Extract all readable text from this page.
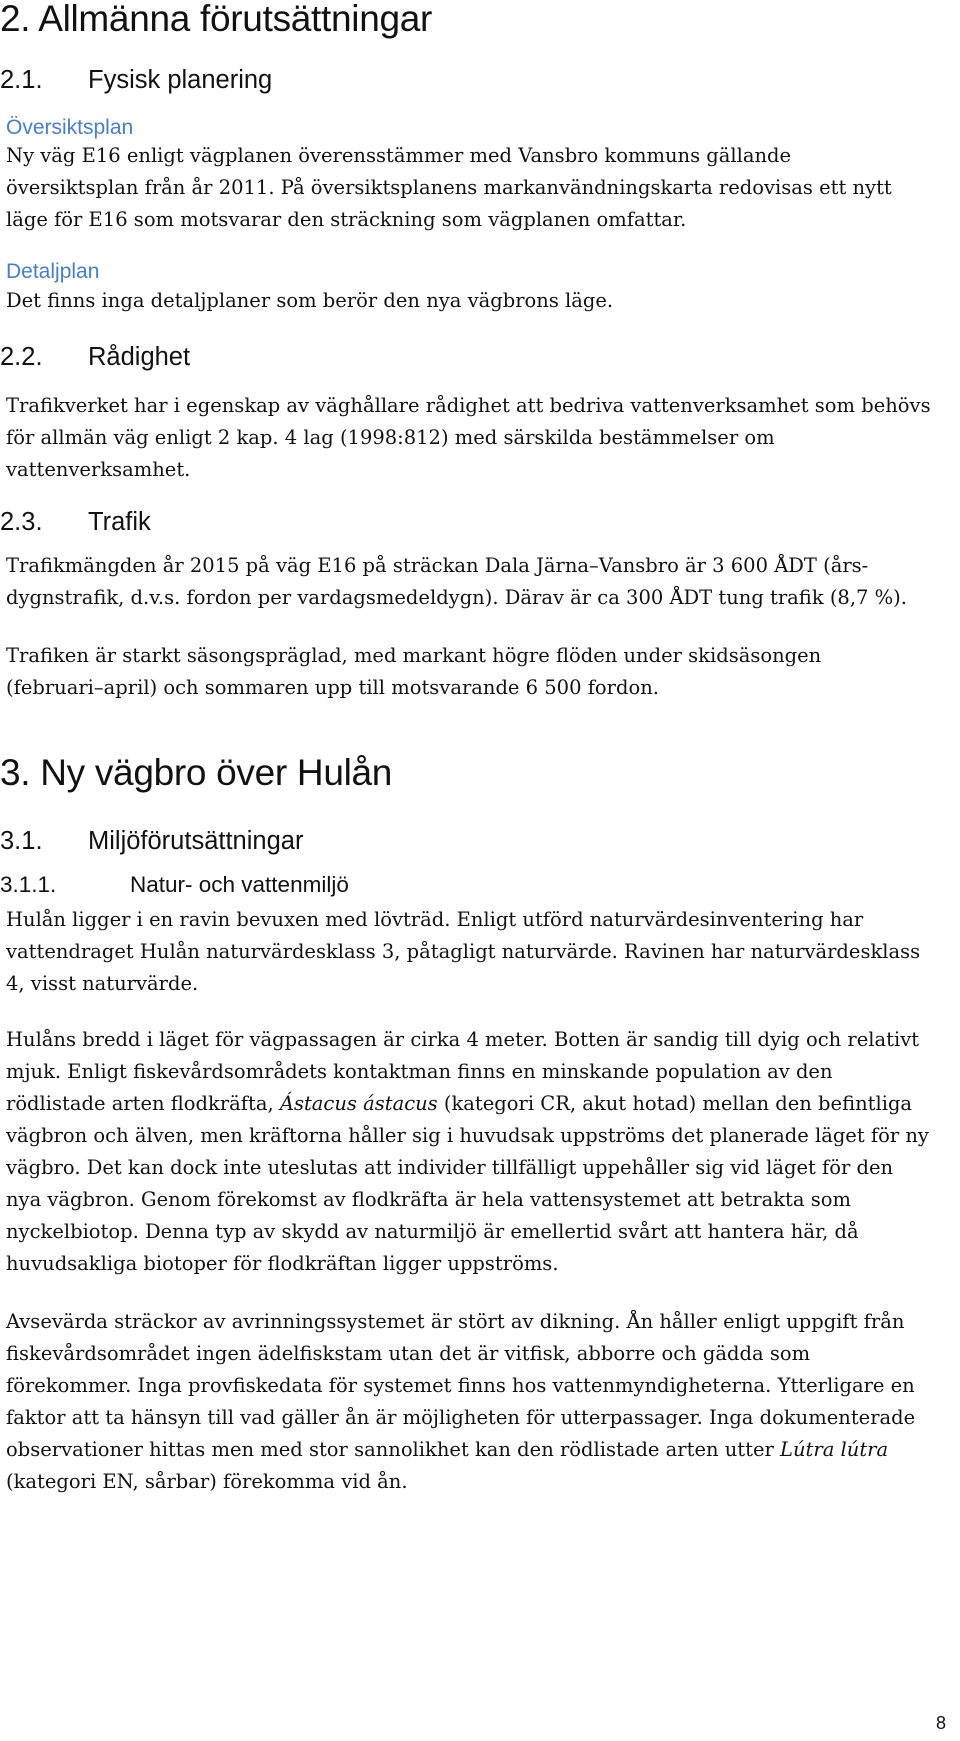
2. Allmänna förutsättningar
2.1. Fysisk planering
Översiktsplan

Ny väg E16 enligt vägplanen överensstämmer med Vansbro kommuns gällande
översiktsplan från år 2011. På översiktsplanens markanvändningskarta redovisas ett nytt
läge för E16 som motsvarar den sträckning som vägplanen omfattar.

Detaljplan

Det finns inga detaljplaner som berör den nya vägbrons läge.

2.2. Rådighet

Trafikverket har i egenskap av väghållare rådighet att bedriva vattenverksamhet som behövs
för allmän väg enligt 2 kap. 4 lag (1998:812) med särskilda bestämmelser om
vattenverksamhet.

2.3. Trafik

Trafikmängden år 2015 på väg E16 på sträckan Dala Järna–Vansbro är 3 600 ÅDT (års-
dygnstrafik, d.v.s. fordon per vardagsmedeldygn). Därav är ca 300 ÅDT tung trafik (8,7 %).

Trafiken är starkt säsongspräglad, med markant högre flöden under skidsäsongen
(februari–april) och sommaren upp till motsvarande 6 500 fordon.

3. Ny vägbro över Hulån
3.1. Miljöförutsättningar
3.1.1.	Natur- och vattenmiljö

Hulån ligger i en ravin bevuxen med lövträd. Enligt utförd naturvärdesinventering har
vattendraget Hulån naturvärdesklass 3, påtagligt naturvärde. Ravinen har naturvärdesklass
4, visst naturvärde.

Hulåns bredd i läget för vägpassagen är cirka 4 meter. Botten är sandig till dyig och relativt
mjuk. Enligt fiskevårdsområdets kontaktman finns en minskande population av den
rödlistade arten flodkräfta, Ástacus ástacus (kategori CR, akut hotad) mellan den befintliga
vägbron och älven, men kräftorna håller sig i huvudsak uppströms det planerade läget för ny
vägbro. Det kan dock inte uteslutas att individer tillfälligt uppehåller sig vid läget för den
nya vägbron. Genom förekomst av flodkräfta är hela vattensystemet att betrakta som
nyckelbiotop. Denna typ av skydd av naturmiljö är emellertid svårt att hantera här, då
huvudsakliga biotoper för flodkräftan ligger uppströms.

Avsevärda sträckor av avrinningssystemet är stört av dikning. Ån håller enligt uppgift från
fiskevårdsområdet ingen ädelfiskstam utan det är vitfisk, abborre och gädda som
förekommer. Inga provfiskedata för systemet finns hos vattenmyndigheterna. Ytterligare en
faktor att ta hänsyn till vad gäller ån är möjligheten för utterpassager. Inga dokumenterade
observationer hittas men med stor sannolikhet kan den rödlistade arten utter Lútra lútra
(kategori EN, sårbar) förekomma vid ån.

8
